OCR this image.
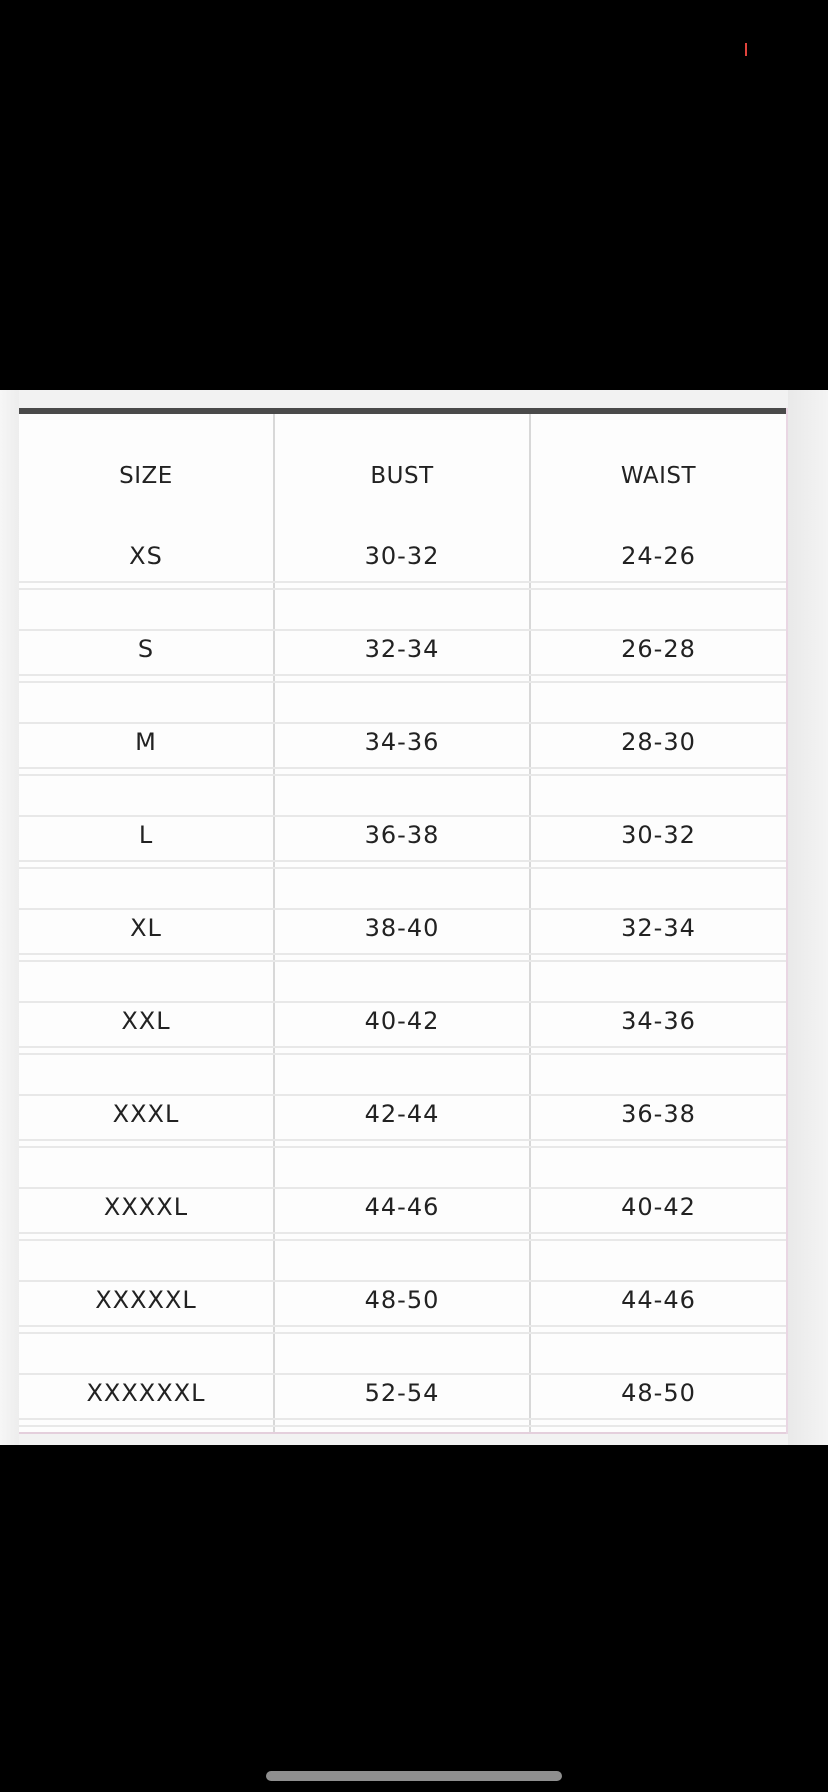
SIZE	BUST	WAIST
XS	30-32	24-26
S	32-34	26-28
M	34-36	28-30
L	36-38	30-32
XL	38-40	32-34
XXL	40-42	34-36
XXXL	42-44	36-38
XXXXL	44-46	40-42
XXXXXL	48-50	44-46
XXXXXXL	52-54	48-50
